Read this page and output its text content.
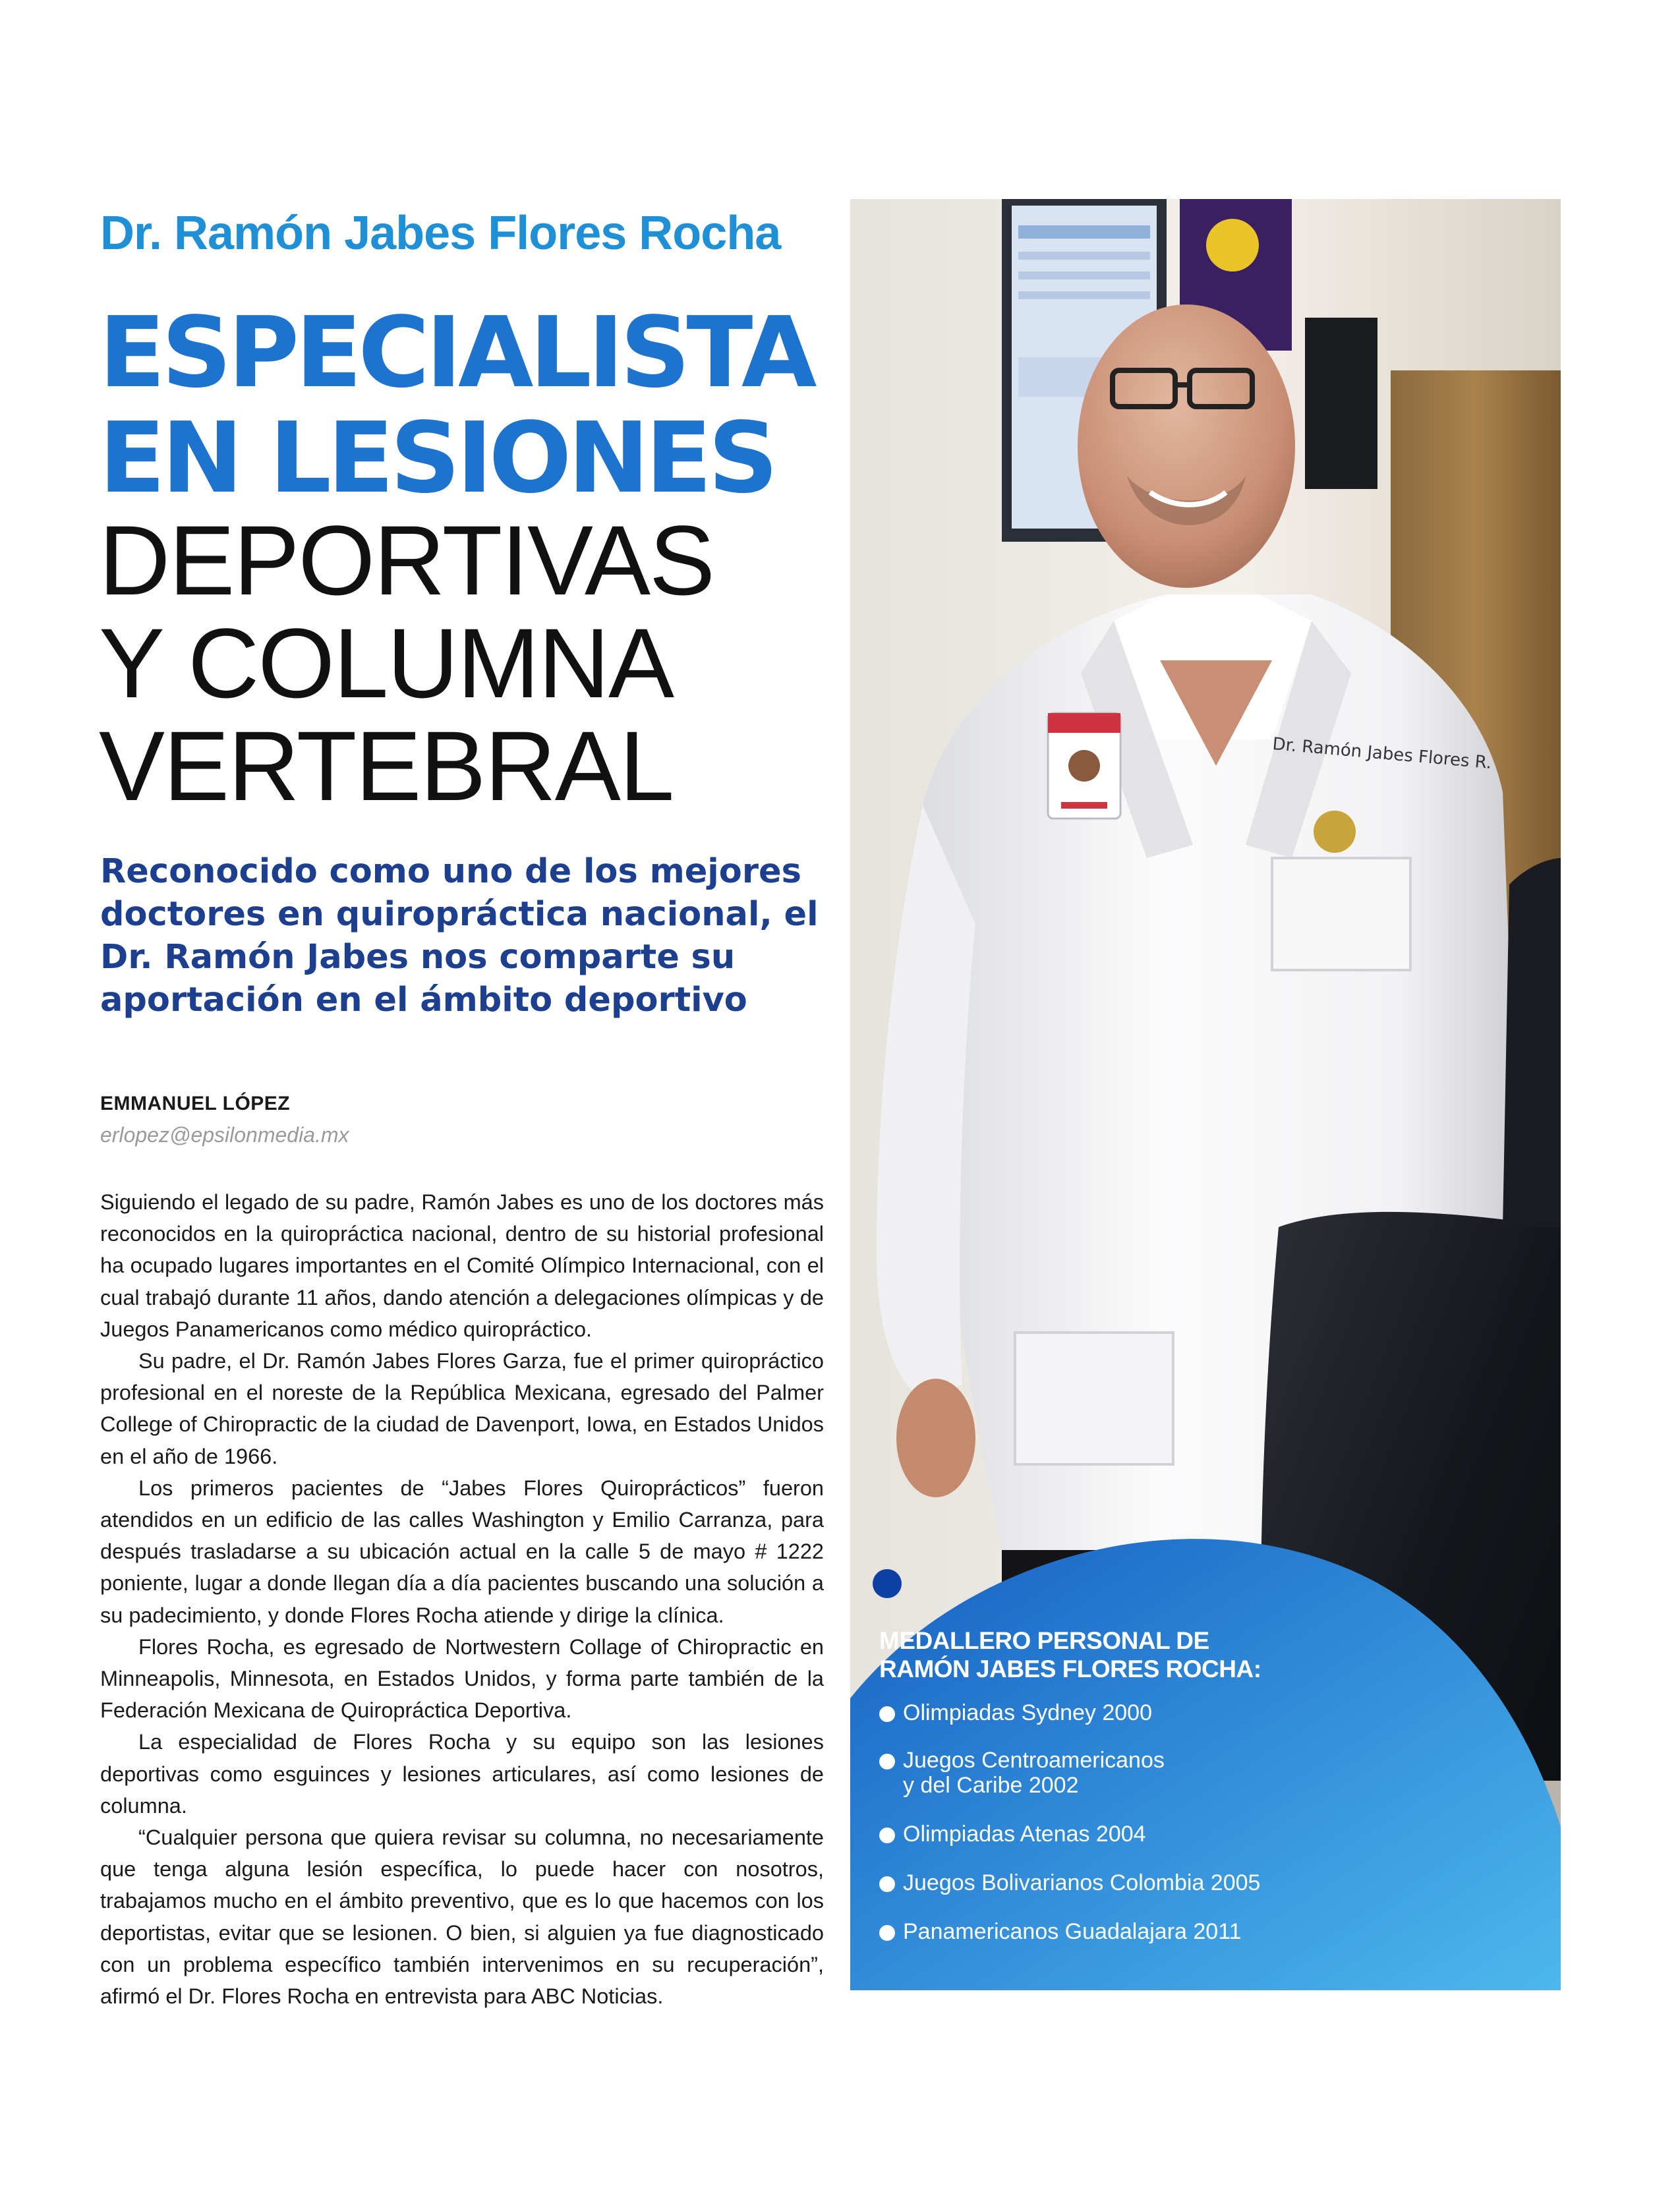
Dr. Ramón Jabes Flores Rocha
ESPECIALISTA
EN LESIONES
DEPORTIVAS
Y COLUMNA
VERTEBRAL

Reconocido como uno de los mejores doctores en quiropráctica nacional, el Dr. Ramón Jabes nos comparte su aportación en el ámbito deportivo

EMMANUEL LÓPEZ

erlopez@epsilonmedia.mx

Siguiendo el legado de su padre, Ramón Jabes es uno de los doctores más reconocidos en la quiropráctica nacional, dentro de su historial profesional ha ocupado lugares importantes en el Comité Olímpico Internacional, con el cual trabajó durante 11 años, dando atención a delegaciones olímpicas y de Juegos Panamericanos como médico quiropráctico.

Su padre, el Dr. Ramón Jabes Flores Garza, fue el primer quiropráctico profesional en el noreste de la República Mexicana, egresado del Palmer College of Chiropractic de la ciudad de Davenport, Iowa, en Estados Unidos en el año de 1966.

Los primeros pacientes de “Jabes Flores Quiroprácticos” fueron atendidos en un edificio de las calles Washington y Emilio Carranza, para después trasladarse a su ubicación actual en la calle 5 de mayo # 1222 poniente, lugar a donde llegan día a día pacientes buscando una solución a su padecimiento, y donde Flores Rocha atiende y dirige la clínica.

Flores Rocha, es egresado de Nortwestern Collage of Chiropractic en Minneapolis, Minnesota, en Estados Unidos, y forma parte también de la Federación Mexicana de Quiropráctica Deportiva.

La especialidad de Flores Rocha y su equipo son las lesiones deportivas como esguinces y lesiones articulares, así como lesiones de columna.

“Cualquier persona que quiera revisar su columna, no necesariamente que tenga alguna lesión específica, lo puede hacer con nosotros, trabajamos mucho en el ámbito preventivo, que es lo que hacemos con los deportistas, evitar que se lesionen. O bien, si alguien ya fue diagnosticado con un problema específico también intervenimos en su recuperación”, afirmó el Dr. Flores Rocha en entrevista para ABC Noticias.

Dr. Ramón Jabes Flores R.
MEDALLERO PERSONAL DE
RAMÓN JABES FLORES ROCHA:
Olimpiadas Sydney 2000
Juegos Centroamericanos
y del Caribe 2002
Olimpiadas Atenas 2004
Juegos Bolivarianos Colombia 2005
Panamericanos Guadalajara 2011
